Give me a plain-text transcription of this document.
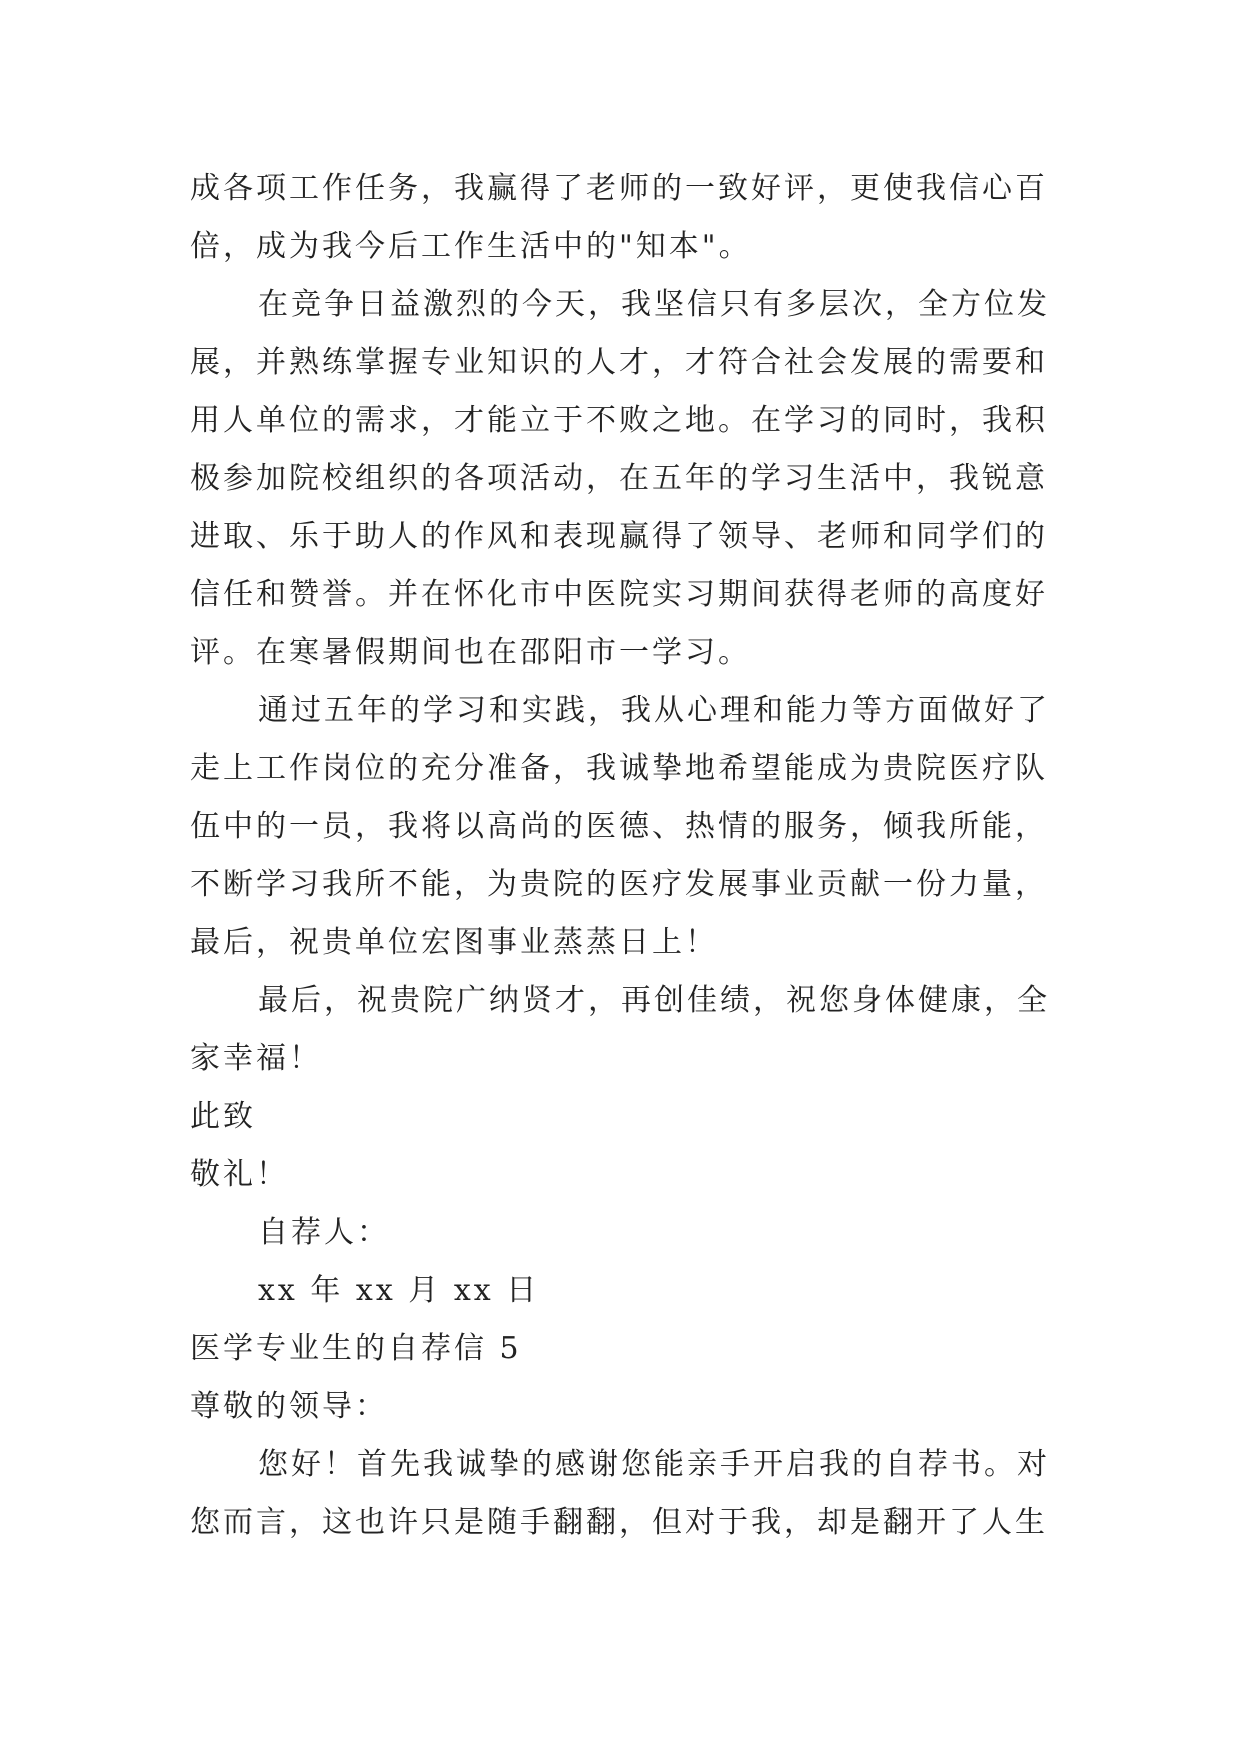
成各项工作任务，我赢得了老师的一致好评，更使我信心百
倍，成为我今后工作生活中的"知本"。
在竞争日益激烈的今天，我坚信只有多层次，全方位发
展，并熟练掌握专业知识的人才，才符合社会发展的需要和
用人单位的需求，才能立于不败之地。在学习的同时，我积
极参加院校组织的各项活动，在五年的学习生活中，我锐意
进取、乐于助人的作风和表现赢得了领导、老师和同学们的
信任和赞誉。并在怀化市中医院实习期间获得老师的高度好
评。在寒暑假期间也在邵阳市一学习。
通过五年的学习和实践，我从心理和能力等方面做好了
走上工作岗位的充分准备，我诚挚地希望能成为贵院医疗队
伍中的一员，我将以高尚的医德、热情的服务，倾我所能，
不断学习我所不能，为贵院的医疗发展事业贡献一份力量，
最后，祝贵单位宏图事业蒸蒸日上！
最后，祝贵院广纳贤才，再创佳绩，祝您身体健康，全
家幸福！
此致
敬礼！
自荐人：
xx 年 xx 月 xx 日
医学专业生的自荐信 5
尊敬的领导：
您好！首先我诚挚的感谢您能亲手开启我的自荐书。对
您而言，这也许只是随手翻翻，但对于我，却是翻开了人生
